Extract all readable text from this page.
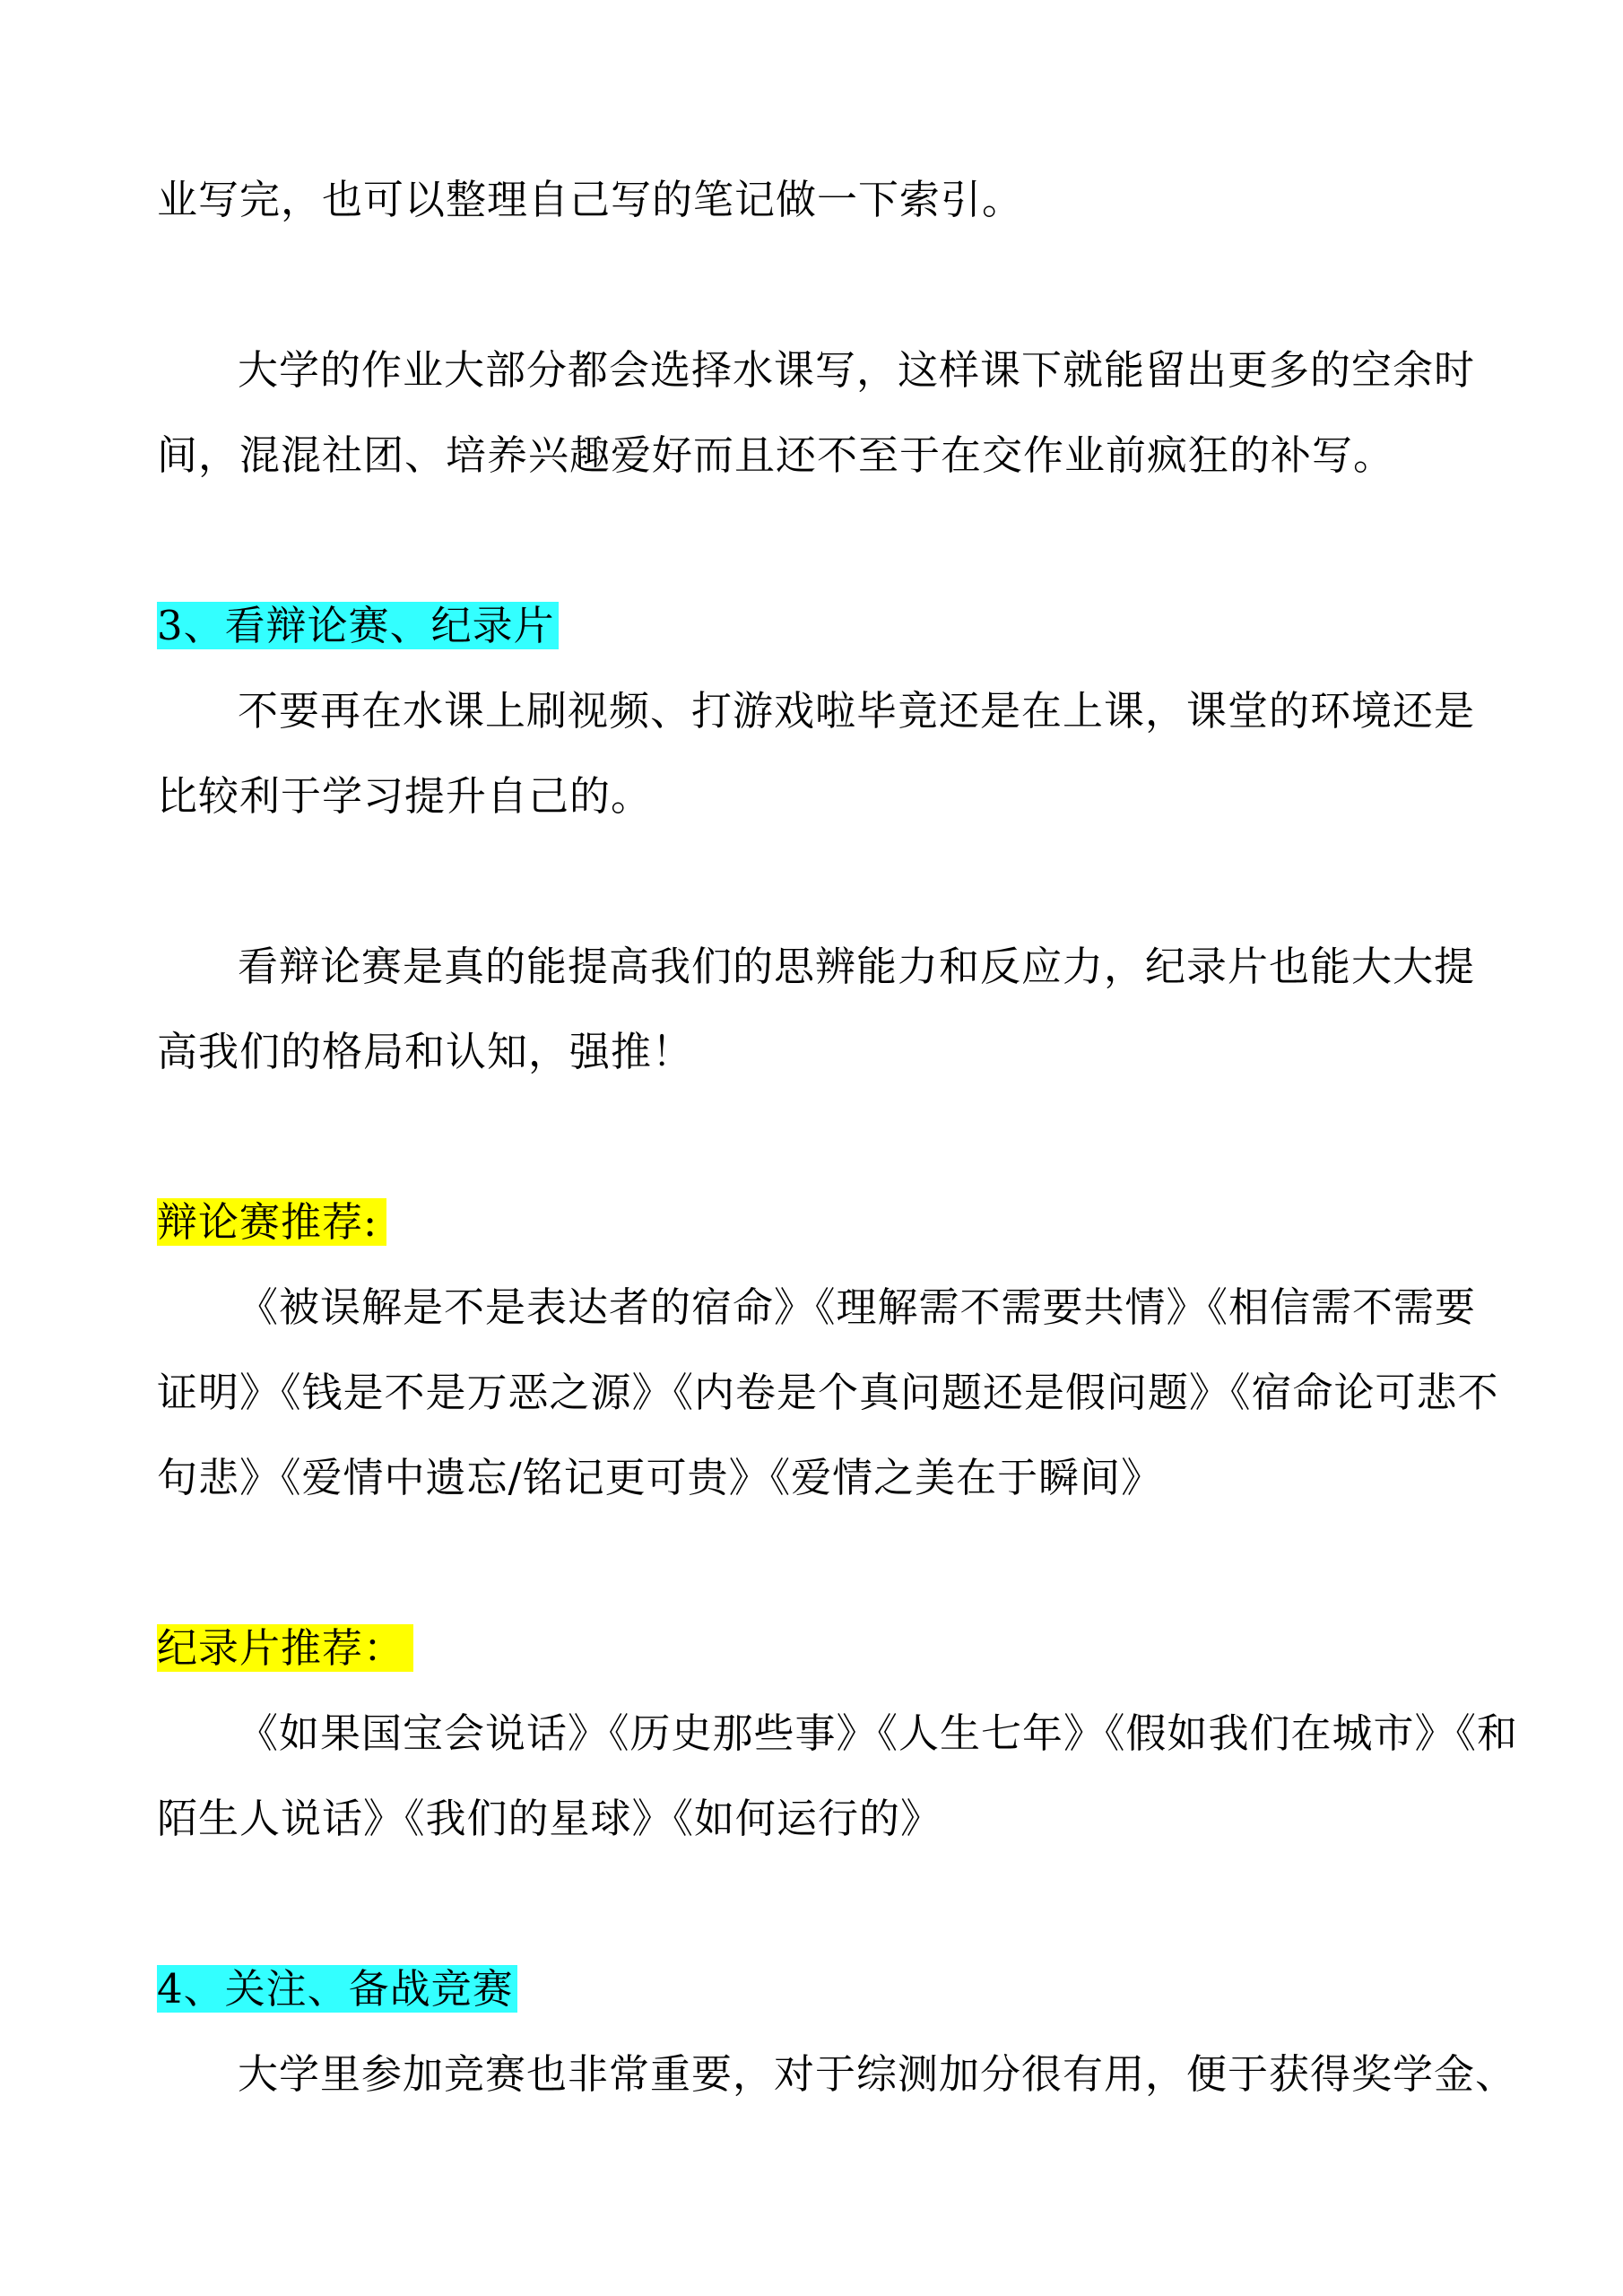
业写完，也可以整理自己写的笔记做一下索引。
大学的作业大部分都会选择水课写，这样课下就能留出更多的空余时
间，混混社团、培养兴趣爱好而且还不至于在交作业前疯狂的补写。
3、看辩论赛、纪录片
不要再在水课上刷视频、打游戏啦毕竟还是在上课，课堂的环境还是
比较利于学习提升自己的。
看辩论赛是真的能提高我们的思辨能力和反应力，纪录片也能大大提
高我们的格局和认知，强推！
辩论赛推荐:
《被误解是不是表达者的宿命》《理解需不需要共情》《相信需不需要
证明》《钱是不是万恶之源》《内卷是个真问题还是假问题》《宿命论可悲不
句悲》《爱情中遗忘/铭记更可贵》《爱情之美在于瞬间》
纪录片推荐：
《如果国宝会说话》《历史那些事》《人生七年》《假如我们在城市》《和
陌生人说话》《我们的星球》《如何运行的》
4、关注、备战竞赛
大学里参加竞赛也非常重要，对于综测加分很有用，便于获得奖学金、
